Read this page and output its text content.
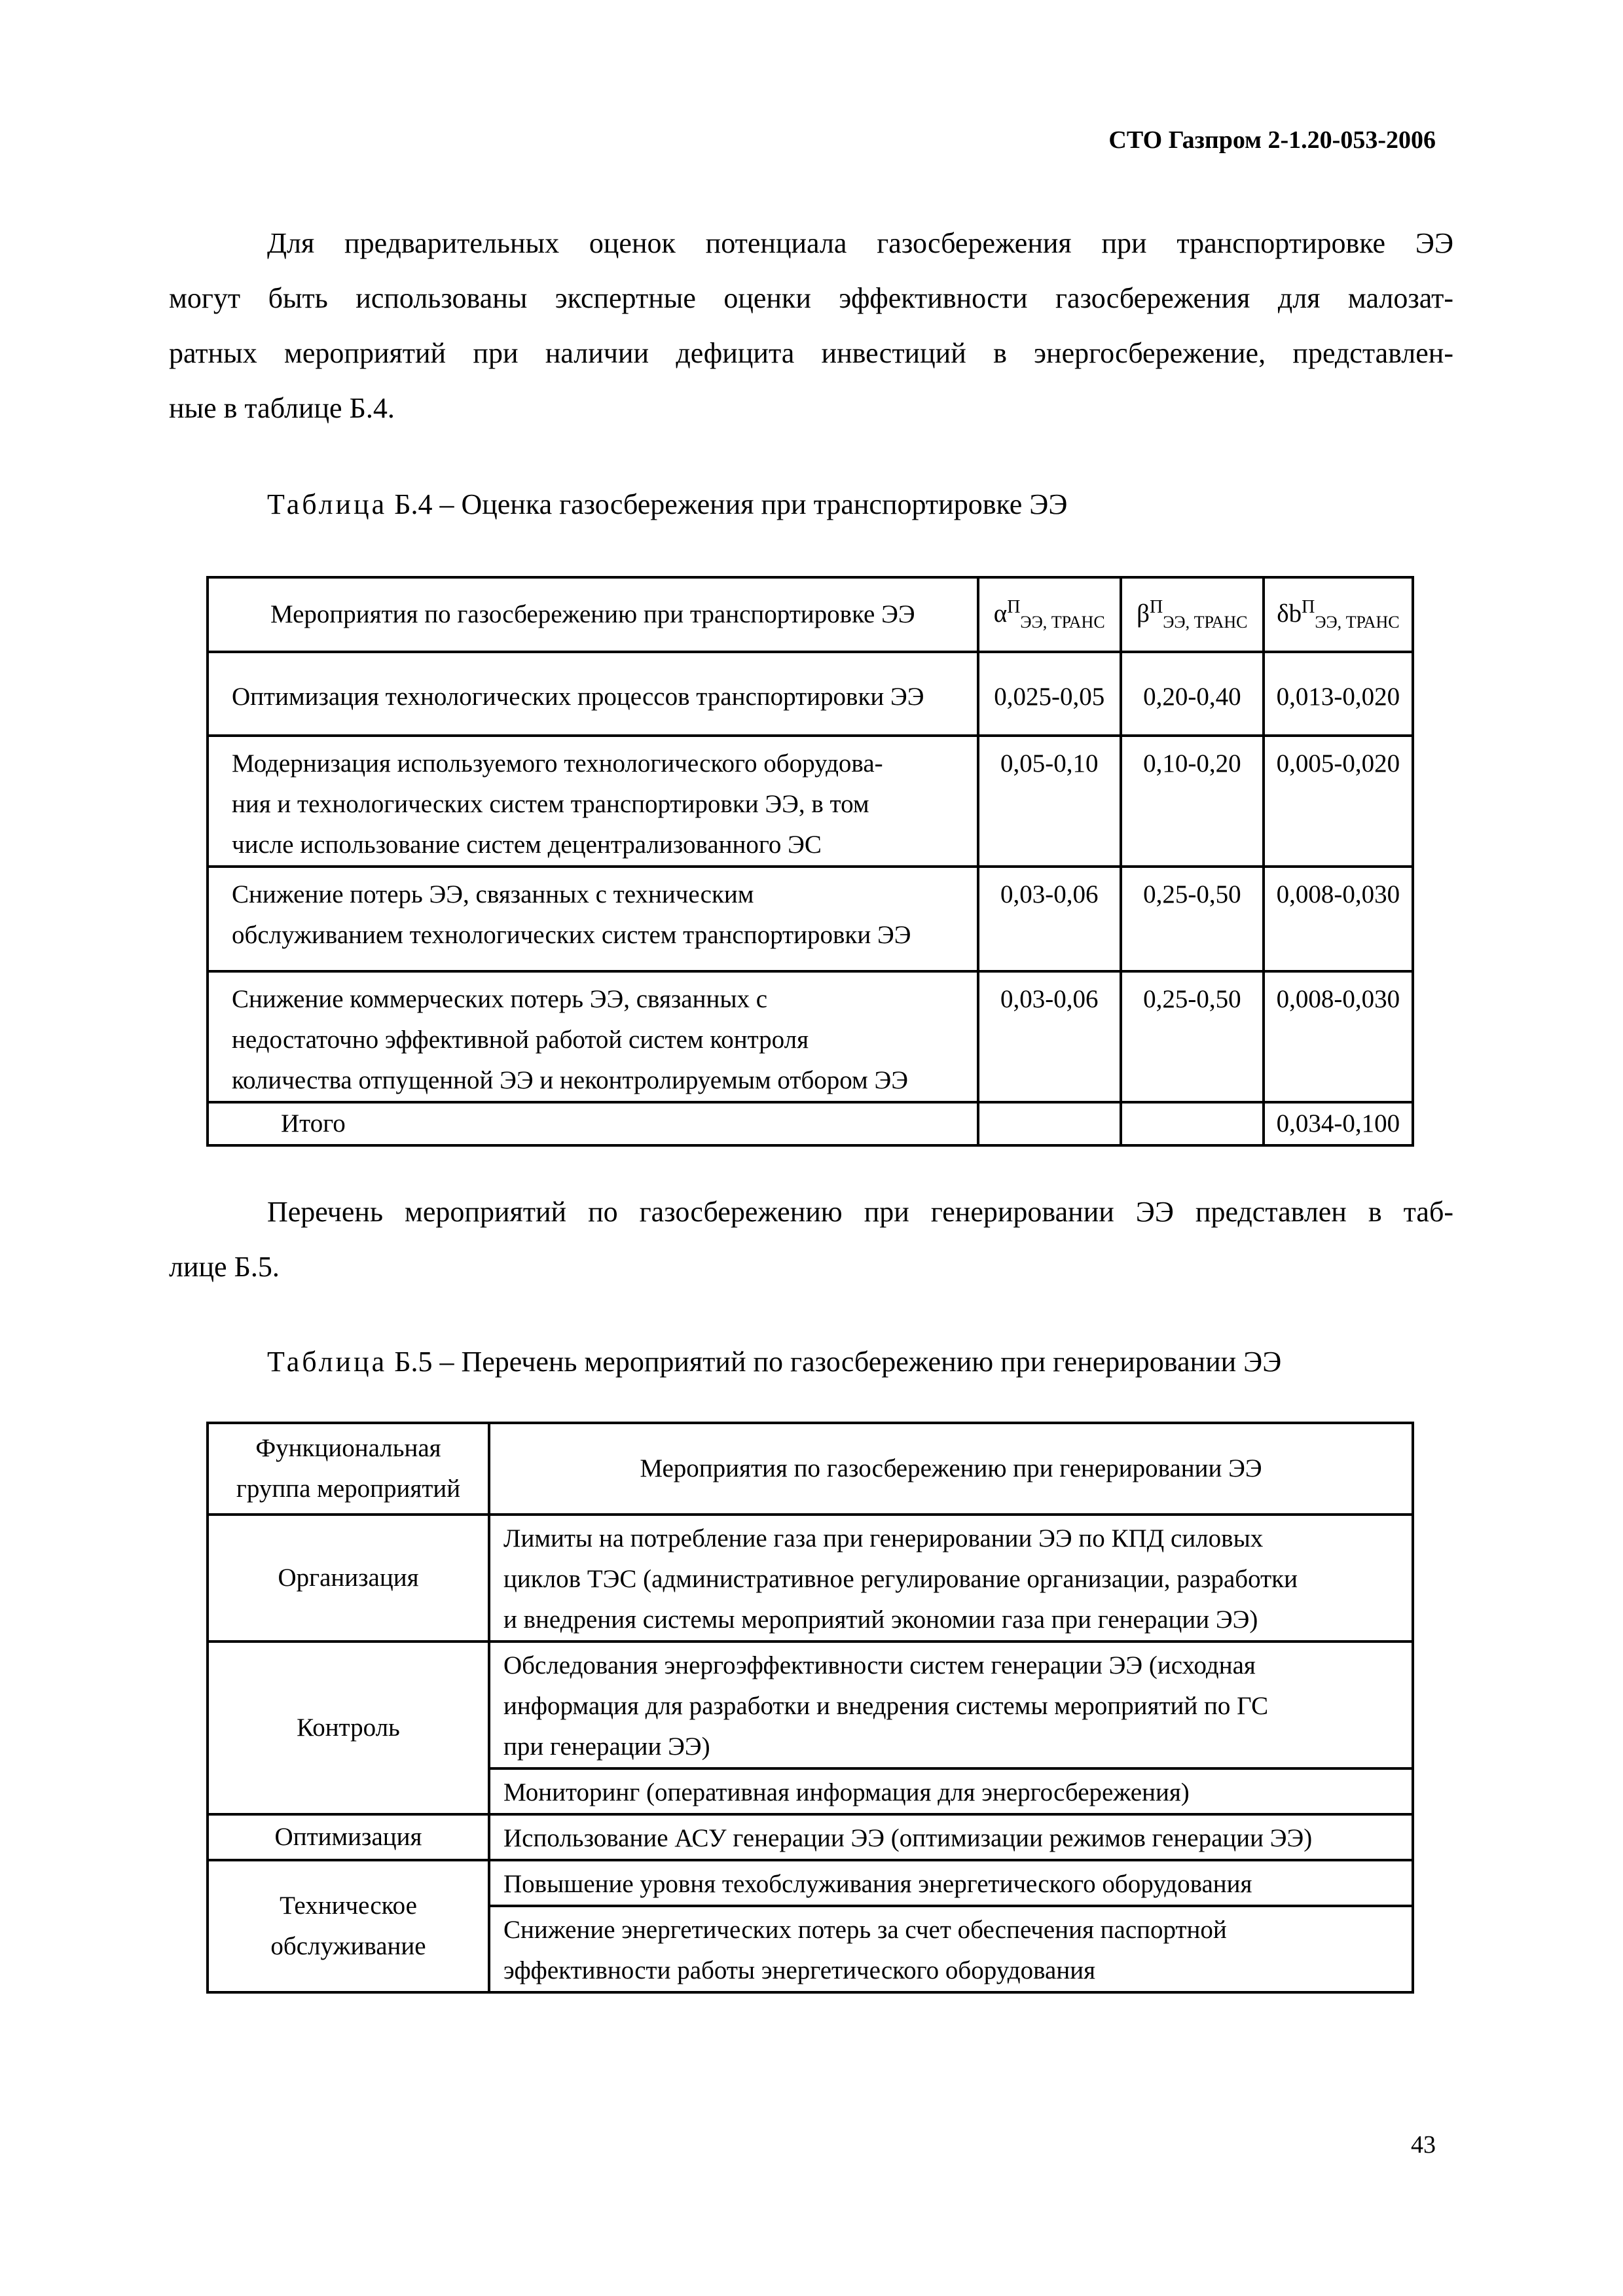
СТО Газпром 2-1.20-053-2006
Для предварительных оценок потенциала газосбережения при транспортировке ЭЭ
могут быть использованы экспертные оценки эффективности газосбережения для малозат-
ратных мероприятий при наличии дефицита инвестиций в энергосбережение, представлен-
ные в таблице Б.4.
Таблица Б.4 – Оценка газосбережения при транспортировке ЭЭ
Мероприятия по газосбережению при транспортировке ЭЭ	$\alpha^П_{ЭЭ, ТРАНС}$	$\beta^П_{ЭЭ, ТРАНС}$	$\delta b^П_{ЭЭ, ТРАНС}$
Оптимизация технологических процессов транспортировки ЭЭ	0,025-0,05	0,20-0,40	0,013-0,020

Модернизация используемого технологического оборудова-
ния и технологических систем транспортировки ЭЭ, в том
числе использование систем децентрализованного ЭС	0,05-0,10	0,10-0,20	0,005-0,020

Снижение потерь ЭЭ, связанных с техническим
обслуживанием технологических систем транспортировки ЭЭ	0,03-0,06	0,25-0,50	0,008-0,030

Снижение коммерческих потерь ЭЭ, связанных с
недостаточно эффективной работой систем контроля
количества отпущенной ЭЭ и неконтролируемым отбором ЭЭ	0,03-0,06	0,25-0,50	0,008-0,030
Итого			0,034-0,100
Перечень мероприятий по газосбережению при генерировании ЭЭ представлен в таб-
лице Б.5.
Таблица Б.5 – Перечень мероприятий по газосбережению при генерировании ЭЭ
Функциональная
группа мероприятий	Мероприятия по газосбережению при генерировании ЭЭ
Организация	Лимиты на потребление газа при генерировании ЭЭ по КПД силовых
циклов ТЭС (административное регулирование организации, разработки
и внедрения системы мероприятий экономии газа при генерации ЭЭ)

Контроль	Обследования энергоэффективности систем генерации ЭЭ (исходная
информация для разработки и внедрения системы мероприятий по ГС
при генерации ЭЭ)

	Мониторинг (оперативная информация для энергосбережения)

Оптимизация	Использование АСУ генерации ЭЭ (оптимизации режимов генерации ЭЭ)

Техническое
обслуживание	Повышение уровня техобслуживания энергетического оборудования

	Снижение энергетических потерь за счет обеспечения паспортной
эффективности работы энергетического оборудования
43
